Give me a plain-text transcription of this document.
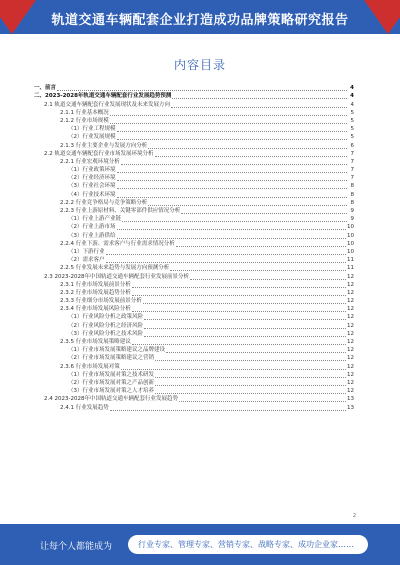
轨道交通车辆配套企业打造成功品牌策略研究报告
内容目录
一、前言	4
二、2023-2028年轨道交通车辆配套行业发展趋势预测	4
2.1 轨道交通车辆配套行业发展现状及未来发展方向	4
2.1.1 行业基本概况	5
2.1.2 行业市场规模	5
（1）行业工程规模	5
（2）行业发展规模	5
2.1.3 行业主要企业与发展方向分析	6
2.2 轨道交通车辆配套行业市场发展环境分析	7
2.2.1 行业宏观环境分析	7
（1）行业政策环境	7
（2）行业经济环境	7
（3）行业社会环境	8
（4）行业技术环境	8
2.2.2 行业竞争格局与竞争策略分析	8
2.2.3 行业上游原材料、关键零部件供应情况分析	9
（1）行业上游产业链	9
（2）行业上游市场	10
（3）行业上游供给	10
2.2.4 行业下游、需求客户与行业需求情况分析	10
（1）下游行业	10
（2）需求客户	11
2.2.5 行业发展未来趋势与发展方向预测分析	11
2.3 2023-2028年中国轨道交通车辆配套行业发展前景分析	12
2.3.1 行业市场发展前景分析	12
2.3.2 行业市场发展趋势分析	12
2.3.3 行业细分市场发展前景分析	12
2.3.4 行业市场发展风险分析	12
（1）行业风险分析之政策风险	12
（2）行业风险分析之经济风险	12
（3）行业风险分析之技术风险	12
2.3.5 行业市场发展策略建议	12
（1）行业市场发展策略建议之品牌建设	12
（2）行业市场发展策略建议之营销	12
2.3.6 行业市场发展对策	12
（1）行业市场发展对策之技术研发	12
（2）行业市场发展对策之产品创新	12
（3）行业市场发展对策之人才培养	12
2.4 2023-2028年中国轨道交通车辆配套行业发展趋势	13
2.4.1 行业发展趋势	13
2
让每个人都能成为	行业专家、管理专家、营销专家、战略专家、成功企业家……
